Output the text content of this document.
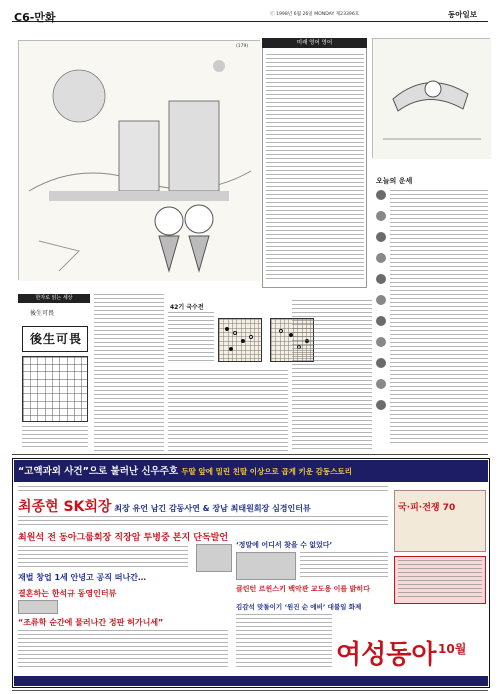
C6-만화	ⓒ 1998년 6월 26일 MONDAY 제23396호	동아일보
(179)
미래 영어 영어
오늘의 운세
한자로 읽는 세상
後生可畏
後生可畏
42기 국수전
“고액과외 사건”으로 불러난 신우주호 두딸 앞에 밀린 친딸 이상으로 곱게 키운 감동스토리
최종현 SK회장 최장 유언 남긴 감동사연 & 장남 최태원회장 심경인터뷰
최원석 전 동아그룹회장 직장암 투병중 본지 단독발언
재벌 창업 1세 안녕고 공직 떠나간…
결혼하는 한석규 동영인터뷰
“조류학 순간에 물러나간 정판 허가니세”
‘정말에 어디서 찾을 수 없었다’
클린턴 르윈스키 백악관 교도용 이를 밝히다
김감석 맞돌이기 ‘원진 순 에비’ 대불일 화제
국·피·전쟁 70
여성동아 10월
